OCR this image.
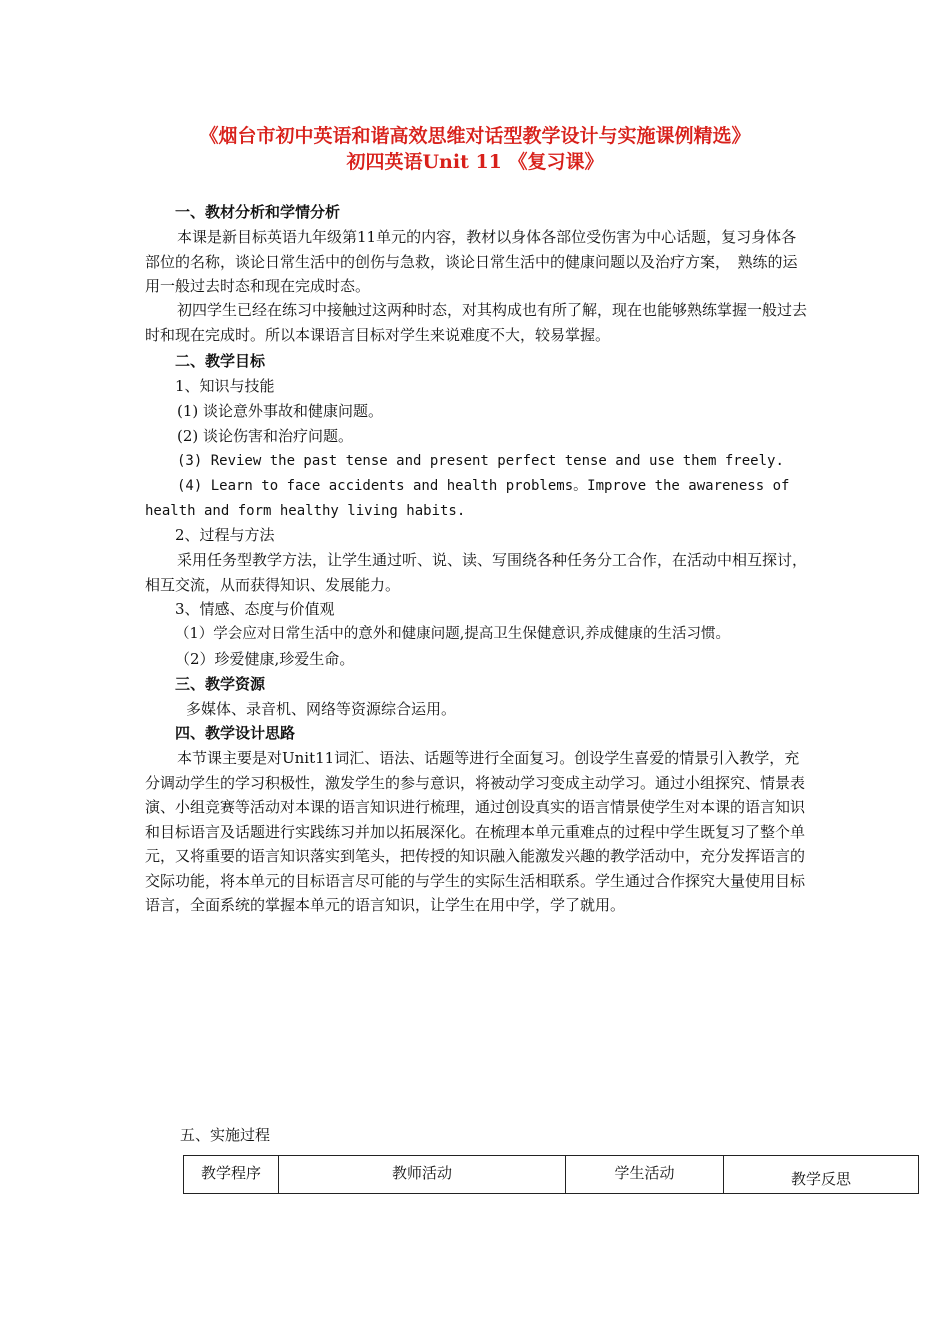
《烟台市初中英语和谐高效思维对话型教学设计与实施课例精选》
初四英语Unit 11 《复习课》

一、教材分析和学情分析

本课是新目标英语九年级第11单元的内容，教材以身体各部位受伤害为中心话题，复习身体各部位的名称，谈论日常生活中的创伤与急救，谈论日常生活中的健康问题以及治疗方案，　熟练的运用一般过去时态和现在完成时态。

初四学生已经在练习中接触过这两种时态，对其构成也有所了解，现在也能够熟练掌握一般过去时和现在完成时。所以本课语言目标对学生来说难度不大，较易掌握。

二、教学目标

1、知识与技能

(1) 谈论意外事故和健康问题。

(2) 谈论伤害和治疗问题。

(3) Review the past tense and present perfect tense and use them freely.

(4) Learn to face accidents and health problems。Improve the awareness of health and form healthy living habits.

2、过程与方法

采用任务型教学方法，让学生通过听、说、读、写围绕各种任务分工合作，在活动中相互探讨，相互交流，从而获得知识、发展能力。

3、情感、态度与价值观

（1）学会应对日常生活中的意外和健康问题,提高卫生保健意识,养成健康的生活习惯。

（2）珍爱健康,珍爱生命。

三、教学资源

多媒体、录音机、网络等资源综合运用。

四、教学设计思路

本节课主要是对Unit11词汇、语法、话题等进行全面复习。创设学生喜爱的情景引入教学，充分调动学生的学习积极性，激发学生的参与意识，将被动学习变成主动学习。通过小组探究、情景表演、小组竞赛等活动对本课的语言知识进行梳理，通过创设真实的语言情景使学生对本课的语言知识和目标语言及话题进行实践练习并加以拓展深化。在梳理本单元重难点的过程中学生既复习了整个单元，又将重要的语言知识落实到笔头，把传授的知识融入能激发兴趣的教学活动中，充分发挥语言的交际功能，将本单元的目标语言尽可能的与学生的实际生活相联系。学生通过合作探究大量使用目标语言，全面系统的掌握本单元的语言知识，让学生在用中学，学了就用。

五、实施过程

教学程序	教师活动	学生活动	教学反思
